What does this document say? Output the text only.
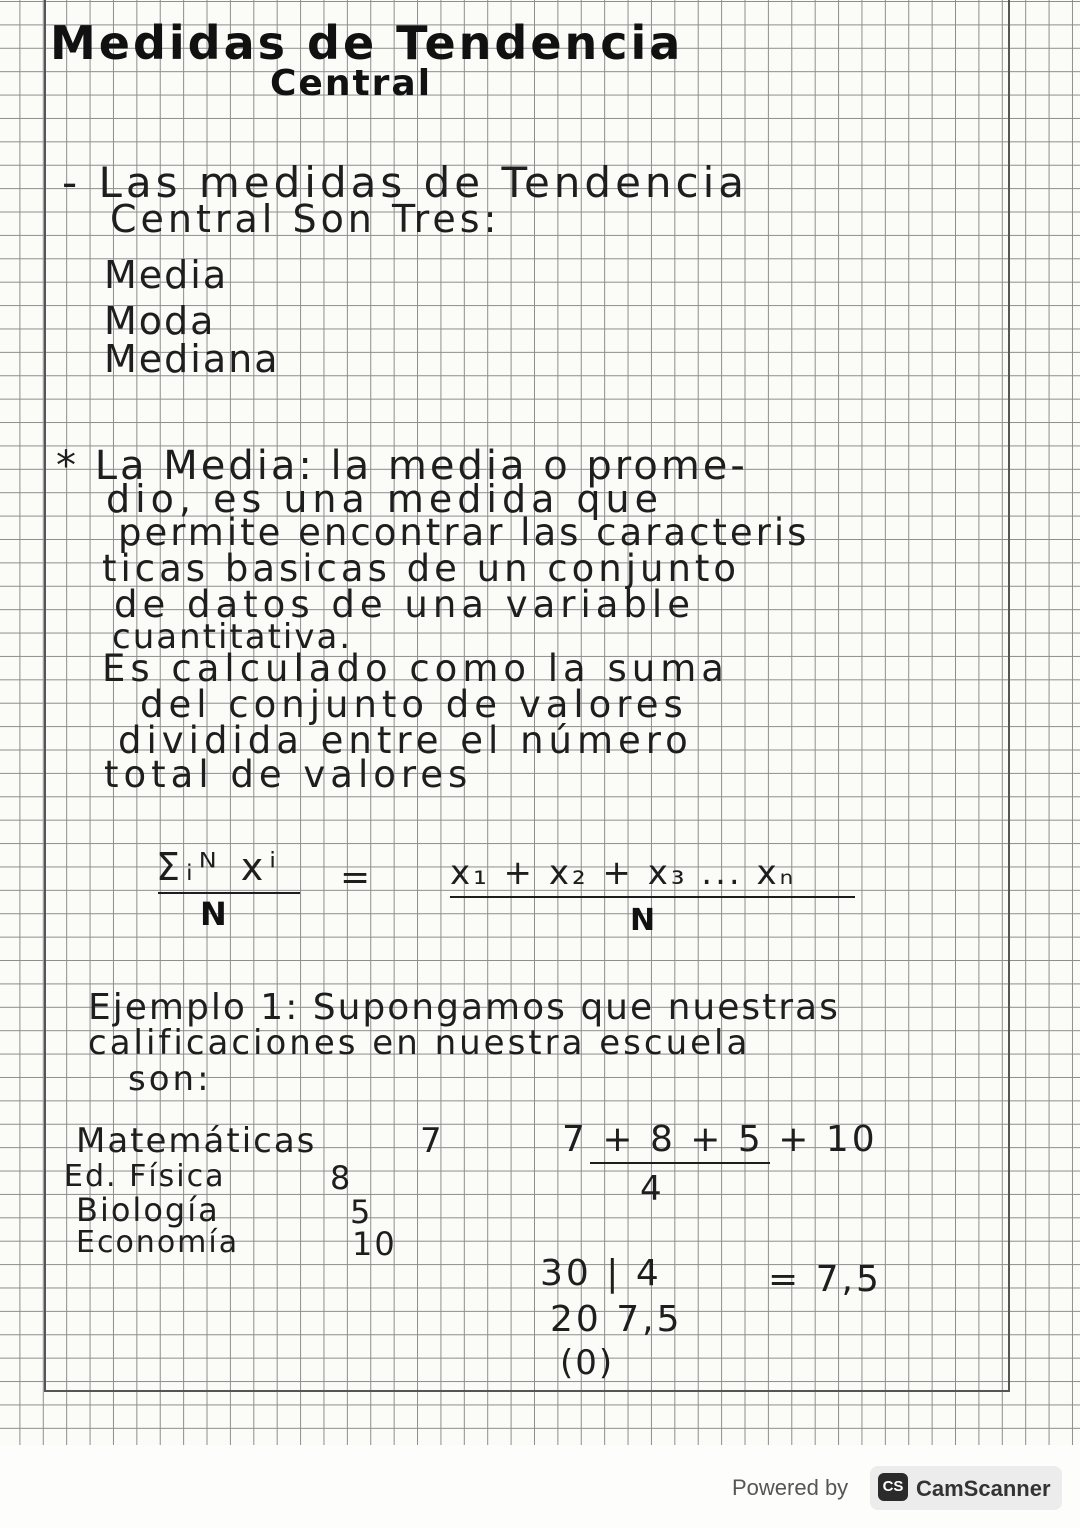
Medidas de Tendencia
Central
- Las medidas de Tendencia
Central Son Tres:
Media
Moda
Mediana
* La Media: la media o prome-
dio, es una medida que
permite encontrar las caracteris
ticas basicas de un conjunto
de datos de una variable
cuantitativa.
Es calculado como la suma
del conjunto de valores
dividida entre el número
total de valores
Σᵢᴺ xⁱ
N
= x₁ + x₂ + x₃ ... xₙ
N
Ejemplo 1: Supongamos que nuestras
calificaciones en nuestra escuela
son:
Matemáticas	7
Ed. Física	8
Biología	5
Economía	10
7 + 8 + 5 + 10
4
30 | 4
20 7,5
(0)
= 7,5
Powered by	CS CamScanner
